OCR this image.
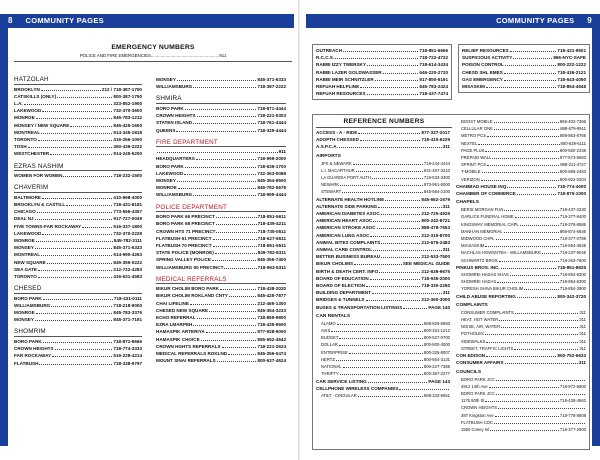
8 COMMUNITY PAGES
EMERGENCY NUMBERS
POLICE AND FIRE EMERGENCIES........................................................911
HATZOLAH
BROOKLYN	212 / 718-387-1750
CATSKILLS (ONLY)	800-387-1750
L.A.	323-852-1900
LAKEWOOD	732-370-3600
MONROE	845-783-1212
MONSEY / NEW SQUARE	845-425-1600
MONTREAL	514-345-1818
TORONTO	416-256-1000
TOSH	450-436-2222
WESTCHESTER	914-245-5200
EZRAS NASHIM
WOMEN FOR WOMEN	718-232-1500
CHAVERIM
BALTIMORE	410-998-4000
BROOKLYN & CASTILL	718-431-8181
CHICAGO	773-556-4357
DEAL NJ	917-727-0049
FIVE TOWNS-FAR ROCKAWAY	516-337-1800
LAKEWOOD	732-370-2229
MONROE	845-782-3111
MONSEY	845-371-6333
MONTREAL	514-990-4263
NEW SQUARE	845-356-0222
SEA GATE	212-722-4283
TORONTO	416-631-4583
CHESED
BORO PARK	718-431-0111
WILLIAMSBURG	718-218-9000
MONROE	845-783-3376
MONSEY	845-371-7191
SHOMRIM
BORO PARK	718-871-6666
CROWN HEIGHTS	718-774-3333
FAR ROCKAWAY	516-228-4214
FLATBUSH	718-338-9797
MONSEY	845-371-6333
WILLIAMSBURG	718-387-2222
SHMIRA
BORO PARK	718-871-4444
CROWN HEIGHTS	718-221-0303
STATEN ISLAND	718-761-4444
QUEENS	718-329-4444
FIRE DEPARTMENT
911
HEADQUARTERS	718-999-2000
BORO PARK	718-636-1700
LAKEWOOD	732-363-0088
MONSEY	845-354-9500
MONROE	845-782-5678
WILLIAMSBURG	718-999-4444
POLICE DEPARTMENT
BORO PARK 66 PRECINCT	718-851-5611
BORO PARK 68 PRECINCT	718-439-4211
CROWN HTS 71 PRECINCT	718-735-0511
FLATBUSH 61 PRECINCT	718-627-6611
FLATBUSH 70 PRECINCT	718-851-5511
STATE POLICE (MONROE)	845-782-8311
SPRING VALLEY POLICE	845-356-7400
WILLIAMSBURG 90 PRECINCT	718-963-5311
MEDICAL REFERRALS
BIKUR CHOLIM BORO PARK	718-438-2020
BIKUR CHOLIM ROKLAND CNTY	845-425-7877
CHAI LIFELINE	212-465-1300
CHESED NEW SQUARE	845-354-3233
ECHO REFERRAL	718-859-9800
EZRA LMARPEH	718-435-9500
HAMASPIK ARTERIYA	877-928-9000
HAMASPIK CHOICE	855-552-4642
CROWN HGHTS REFERRALS	718-221-2624
MEDICAL REFERRALS ROKLND	845-356-0474
MOUNT SINAI REFERRALS	800-637-4624
COMMUNITY PAGES 9
OUTREACH	718-851-6666
R.C.C.S.	718-722-4722
RABBI IZZY TWERSKY	718-614-3434
RABBI LAZER GOLDWASSER	646-220-2720
RABBI MEIR SCHNITZLER	917-850-6191
REFUAH HELPLINE	845-783-2424
REFUAH RESOURCES	718-437-7474
RELIEF RESOURCES	718-431-9501
SUSPICIOUS ACTIVITY	866-NYC-SAFE
POISON CONTROL	800-222-1222
CHESD SHL EMES	718-436-2121
GAS EMERGENCY	718-643-4050
MISASKIM	718-854-4548
REFERENCE NUMBERS
ACCESS - A - RIDE	877-337-2017
ADOPTH CHESSED	718-415-6229
A.S.P.C.A.	311
AIRPORTS
JFK & NEWARK	718-244-4444
L.I. MACARTHUR	631-467-3210
LA GUARDIA PORT AUTH	718-533-3400
NEWARK	973-961-6000
STEWART	845-564-2100
ALTERNATE HEALTH HOTLINE	845-662-1679
ALTERNATE SIDE PARKING	311
AMERICAN DIABETES ASOC	212-725-4925
AMERICAN HEART ASOC	800-242-8721
AMERICAN STROKE ASOC	888-478-7653
AMERICAN LUNG ASOC	212-315-8700
ANIMAL BITES COMPLAINTS	212-676-2483
ANIMAL CARE CONTROL	311
BETTER BUSINESS BUREAU	212-533-7500
BIKUR CHOLIMS	SEE MEDICAL GUIDE
BIRTH & DEATH CERT. INFO	212-639-9675
BOARD OF EDUCATION	718-935-2000
BOARD OF ELECTION	718-330-2250
BUILDING DEPARTMENT	311
BRIDGES & TUNNELS	212-360-3000
BUSES & TRANSPORTATION LISTINGS	PAGE 140
CAR RENTALS
ALAMO	888-826-6893
AVIS	800-331-1212
BUDGET	800-527-0700
DOLLAR	800-800-4000
ENTERPRISE	800-325-8007
HERTZ	800-654-3131
NATIONAL	800-227-7368
THRIFTY	800-367-2277
CAR SERVICE LISTING	PAGE 143
CELLPHONE WIRELESS COMPANIES
AT&T - CINGULAR	888-333-6651
BOOST MOBILE	866-402-7366
CELLULAR ONE	888-579-9911
METRO PCS	888-863-8768
NEXTEL	800-639-6111
PAGE PLUS	800-550-2436
PREPAID WALL	877-573-5683
SPRINT PCS	888-211-4727
T-MOBILE	800-866-2453
VERIZON	800-922-0204
CHABBAD HOUSE INQ	718-774-4000
CHAMBER OF COMMERCE	718-875-1000
CHAPELS
BERIS MORGAN FUN	718-437-2230
GARLICK FUNERAL HOME	718-377-8400
KINGSWAY MEMORIAL CHPL	718-376-8585
MANHAN MEMORIAL	866-874-6646
MIDWOOD CHPL	718-377-0789
MIASASKIM	718-854-4548
NACHLAS HOWSNTEH - WILLAMSBURG	718-237-9048
SCHWARTZ BROS	718-263-7600
PINKUS BROS. INC.	718-851-8825
SHOMREI HADAS SHAS	718-854-8300
SHOMREI HADAS	718-854-8300
YORESH SHIVA BIKUR CHOLIM	718-854-3900
CHILD ABUSE REPORTING	800-342-3720
COMPLAINTS
CONSUMER COMPLAINTS	311
HEAT, HOT WATER	311
NOISE, AIR, WATER	311
POTHOLES	311
SIDEWALKS	311
STREET, TRAFFIC LIGHTS	311
CON EDISON	800-752-6633
CONSUMER AFFAIRS	311
COUNCILS
BORO PARK JCC
4912 14th Ave	718-972-6600
BORO PARK JCC
1175 50th St	718-436-4663
CROWN HEIGHTS
387 Kingston Ave	718-778-8808
FLATBUSH COC
1550 Coney Isl	718-377-2900
